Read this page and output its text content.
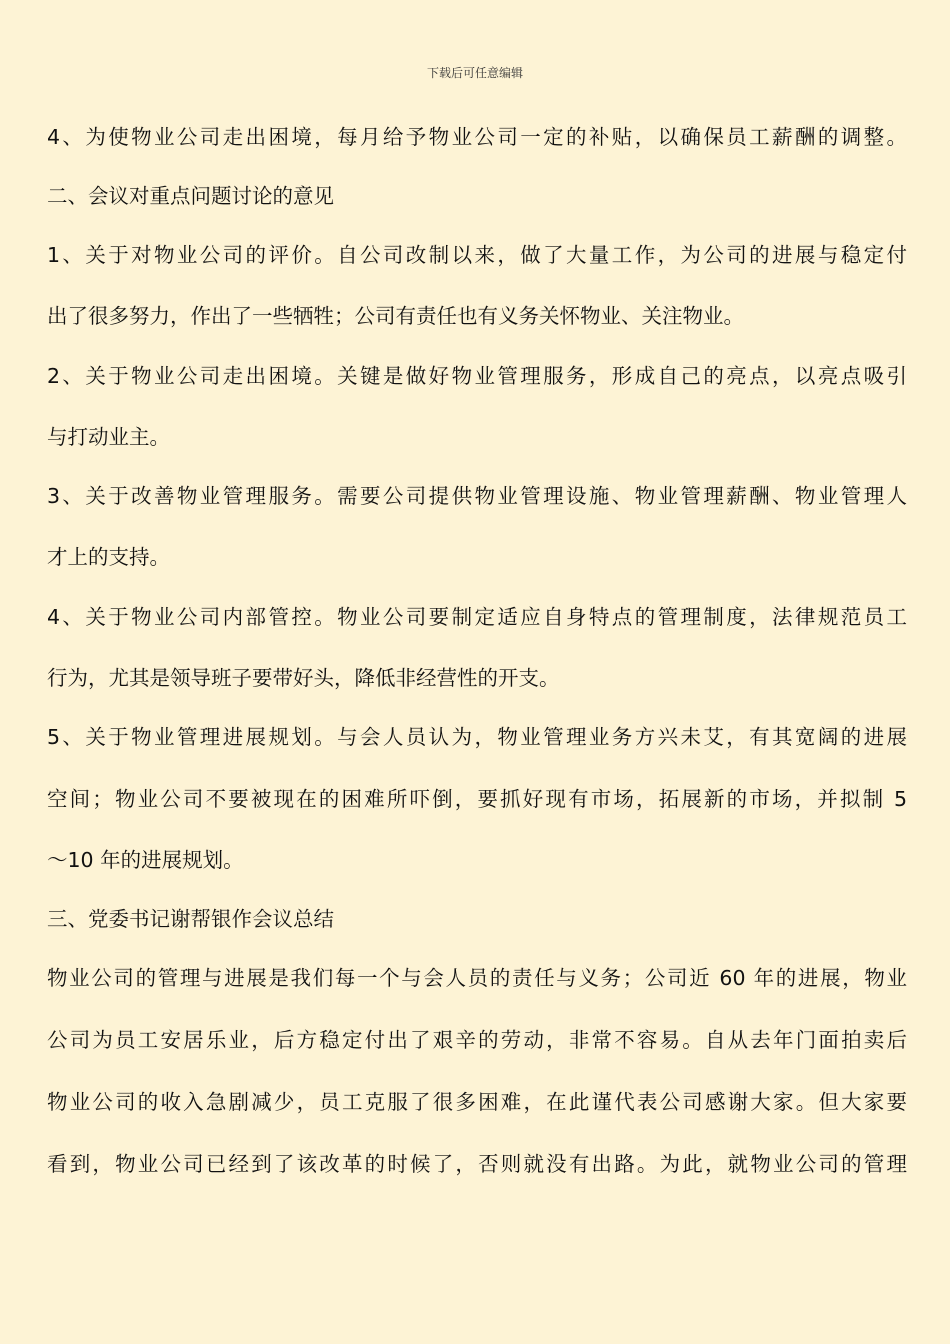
下载后可任意编辑
4、为使物业公司走出困境，每月给予物业公司一定的补贴，以确保员工薪酬的调整。
二、会议对重点问题讨论的意见
1、关于对物业公司的评价。自公司改制以来，做了大量工作，为公司的进展与稳定付
出了很多努力，作出了一些牺牲；公司有责任也有义务关怀物业、关注物业。
2、关于物业公司走出困境。关键是做好物业管理服务，形成自己的亮点，以亮点吸引
与打动业主。
3、关于改善物业管理服务。需要公司提供物业管理设施、物业管理薪酬、物业管理人
才上的支持。
4、关于物业公司内部管控。物业公司要制定适应自身特点的管理制度，法律规范员工
行为，尤其是领导班子要带好头，降低非经营性的开支。
5、关于物业管理进展规划。与会人员认为，物业管理业务方兴未艾，有其宽阔的进展
空间；物业公司不要被现在的困难所吓倒，要抓好现有市场，拓展新的市场，并拟制 5
～10 年的进展规划。
三、党委书记谢帮银作会议总结
物业公司的管理与进展是我们每一个与会人员的责任与义务；公司近 60 年的进展，物业
公司为员工安居乐业，后方稳定付出了艰辛的劳动，非常不容易。自从去年门面拍卖后
物业公司的收入急剧减少，员工克服了很多困难，在此谨代表公司感谢大家。但大家要
看到，物业公司已经到了该改革的时候了，否则就没有出路。为此，就物业公司的管理
